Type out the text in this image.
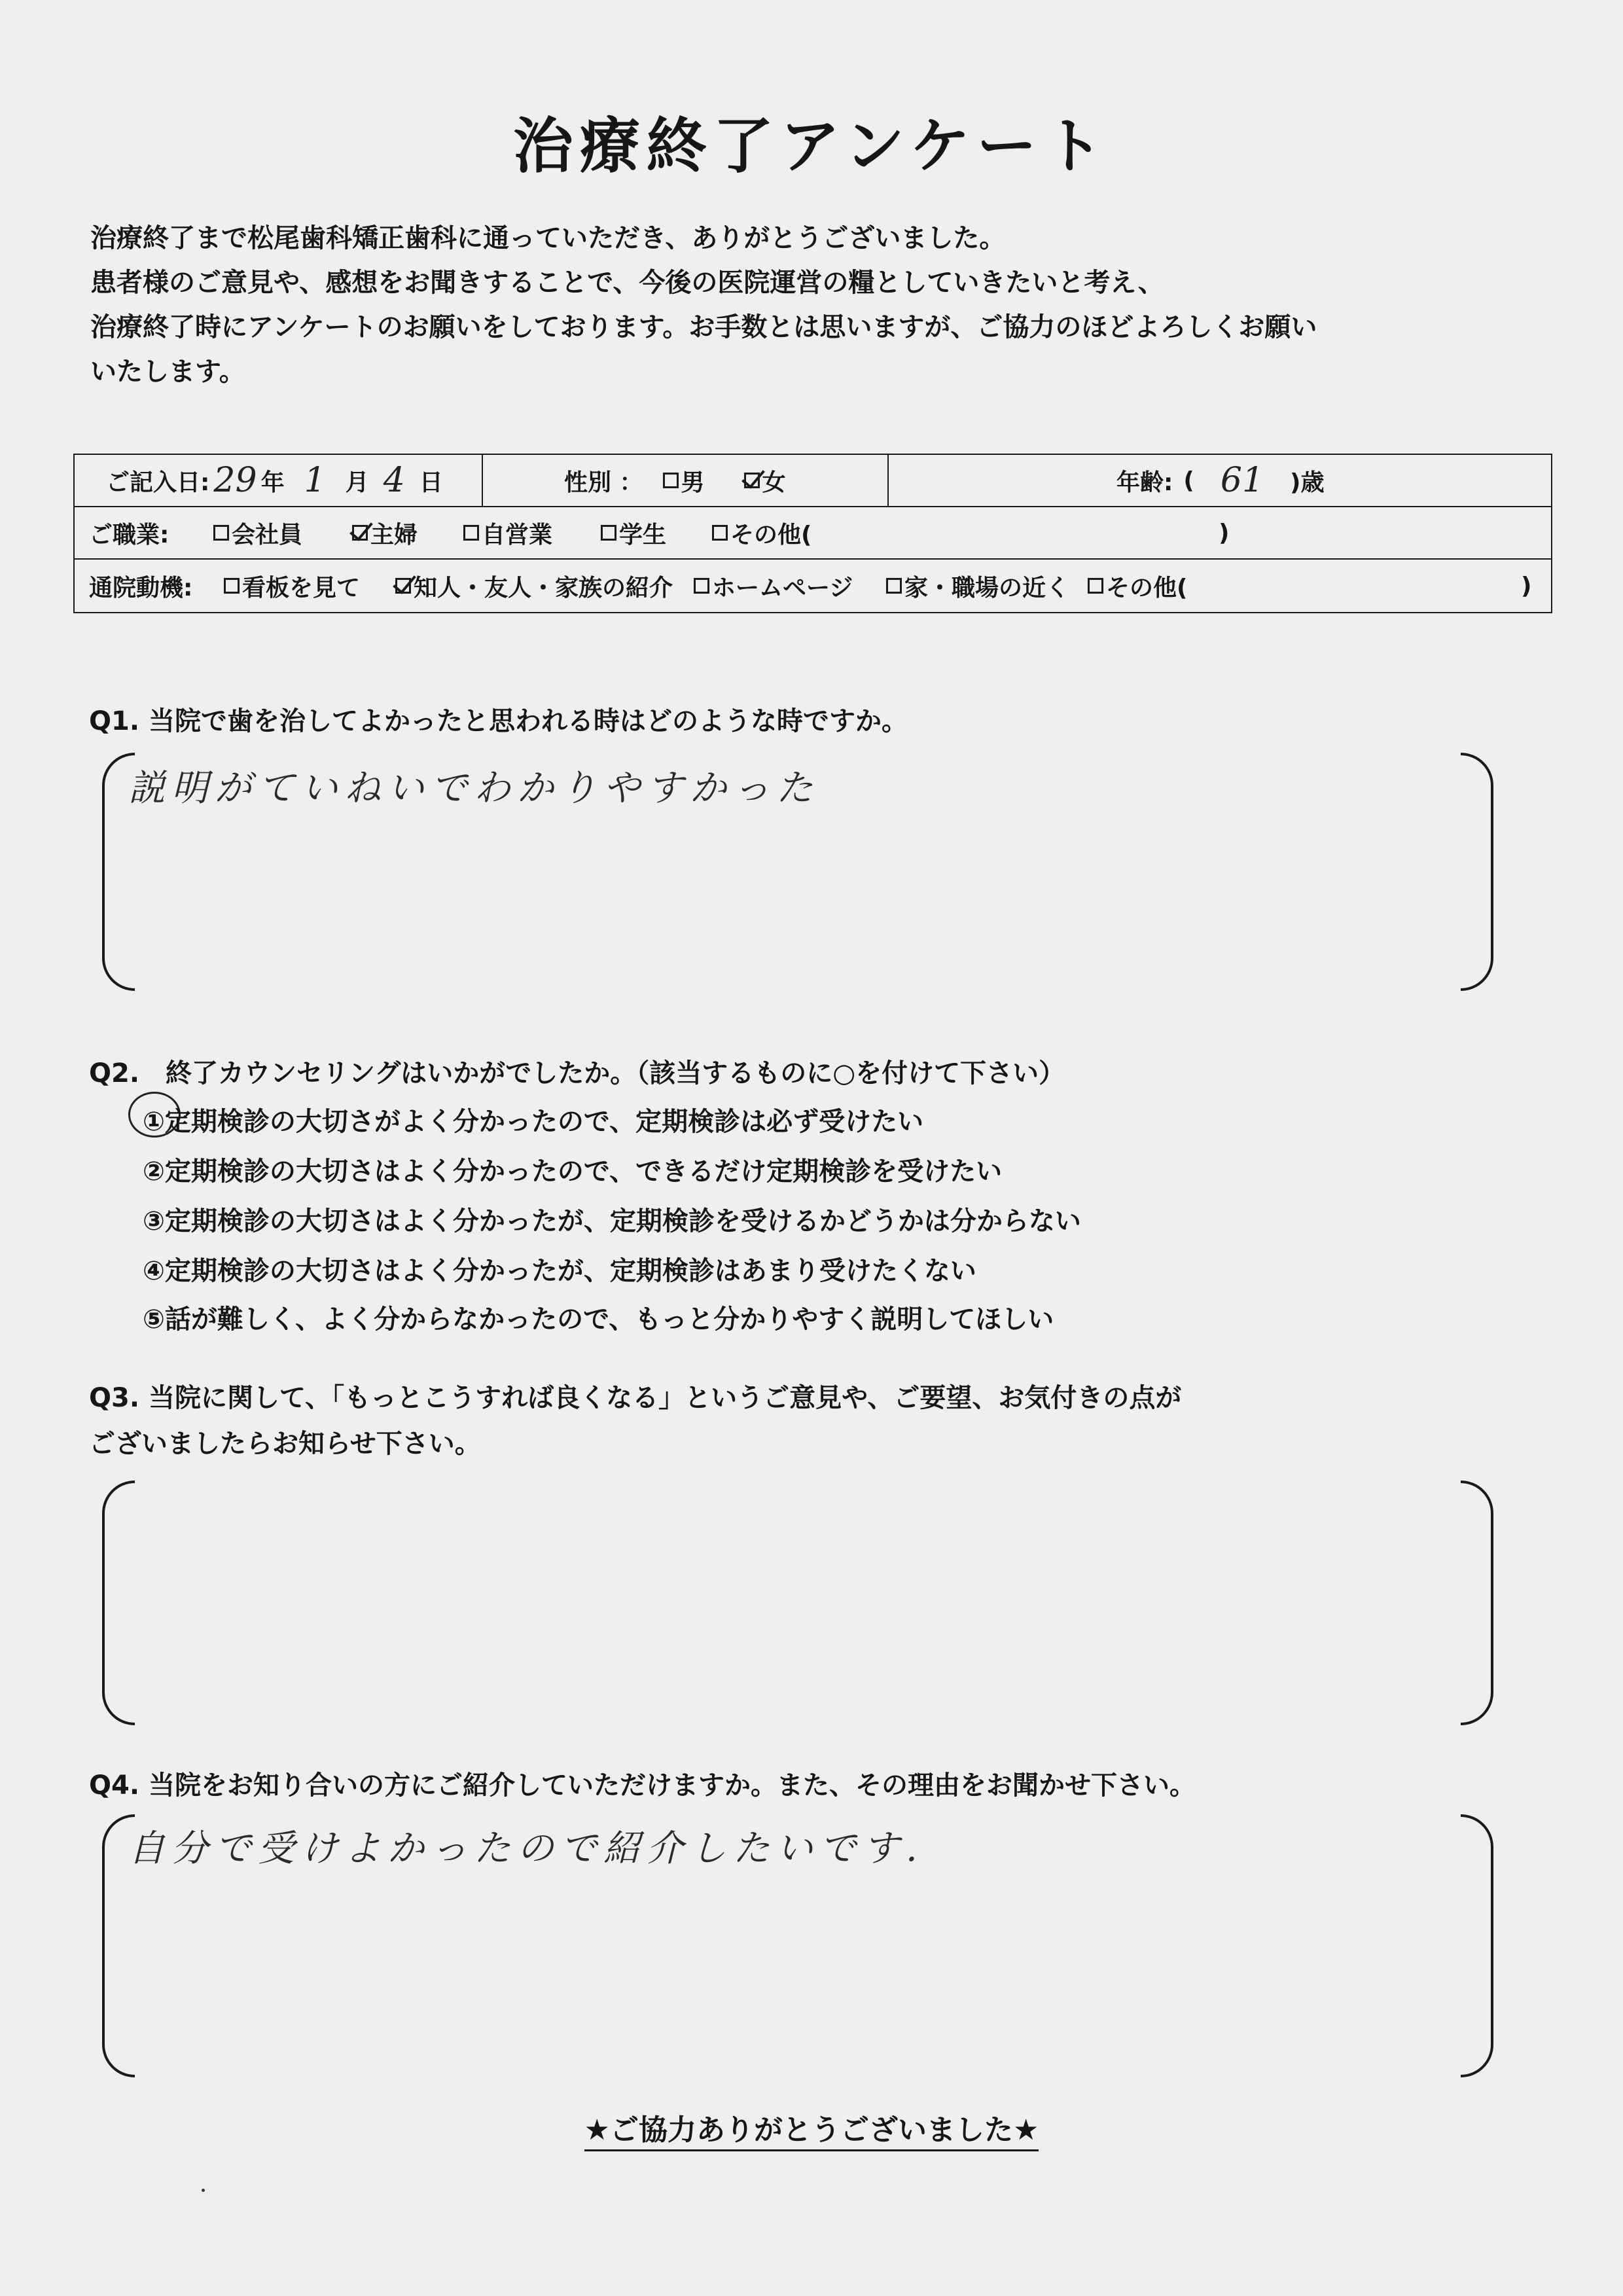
治療終了アンケート
治療終了まで松尾歯科矯正歯科に通っていただき、ありがとうございました。
患者様のご意見や、感想をお聞きすることで、今後の医院運営の糧としていきたいと考え、
治療終了時にアンケートのお願いをしております。お手数とは思いますが、ご協力のほどよろしくお願い
いたします。
ご記入日: 29 年 1 月 4 日	性別 ： 男 女	年齢: ( 61 )歳
ご職業:	会社員	主婦	自営業	学生	その他(	)
通院動機: 看板を見て 知人・友人・家族の紹介 ホームページ 家・職場の近く その他(	)
Q1. 当院で歯を治してよかったと思われる時はどのような時ですか。
説明がていねいでわかりやすかった
Q2.　終了カウンセリングはいかがでしたか。（該当するものに○を付けて下さい）
①定期検診の大切さがよく分かったので、定期検診は必ず受けたい
②定期検診の大切さはよく分かったので、できるだけ定期検診を受けたい
③定期検診の大切さはよく分かったが、定期検診を受けるかどうかは分からない
④定期検診の大切さはよく分かったが、定期検診はあまり受けたくない
⑤話が難しく、よく分からなかったので、もっと分かりやすく説明してほしい
Q3. 当院に関して、「もっとこうすれば良くなる」というご意見や、ご要望、お気付きの点が
ございましたらお知らせ下さい。
Q4. 当院をお知り合いの方にご紹介していただけますか。また、その理由をお聞かせ下さい。
自分で受けよかったので紹介したいです.
★ご協力ありがとうございました★
